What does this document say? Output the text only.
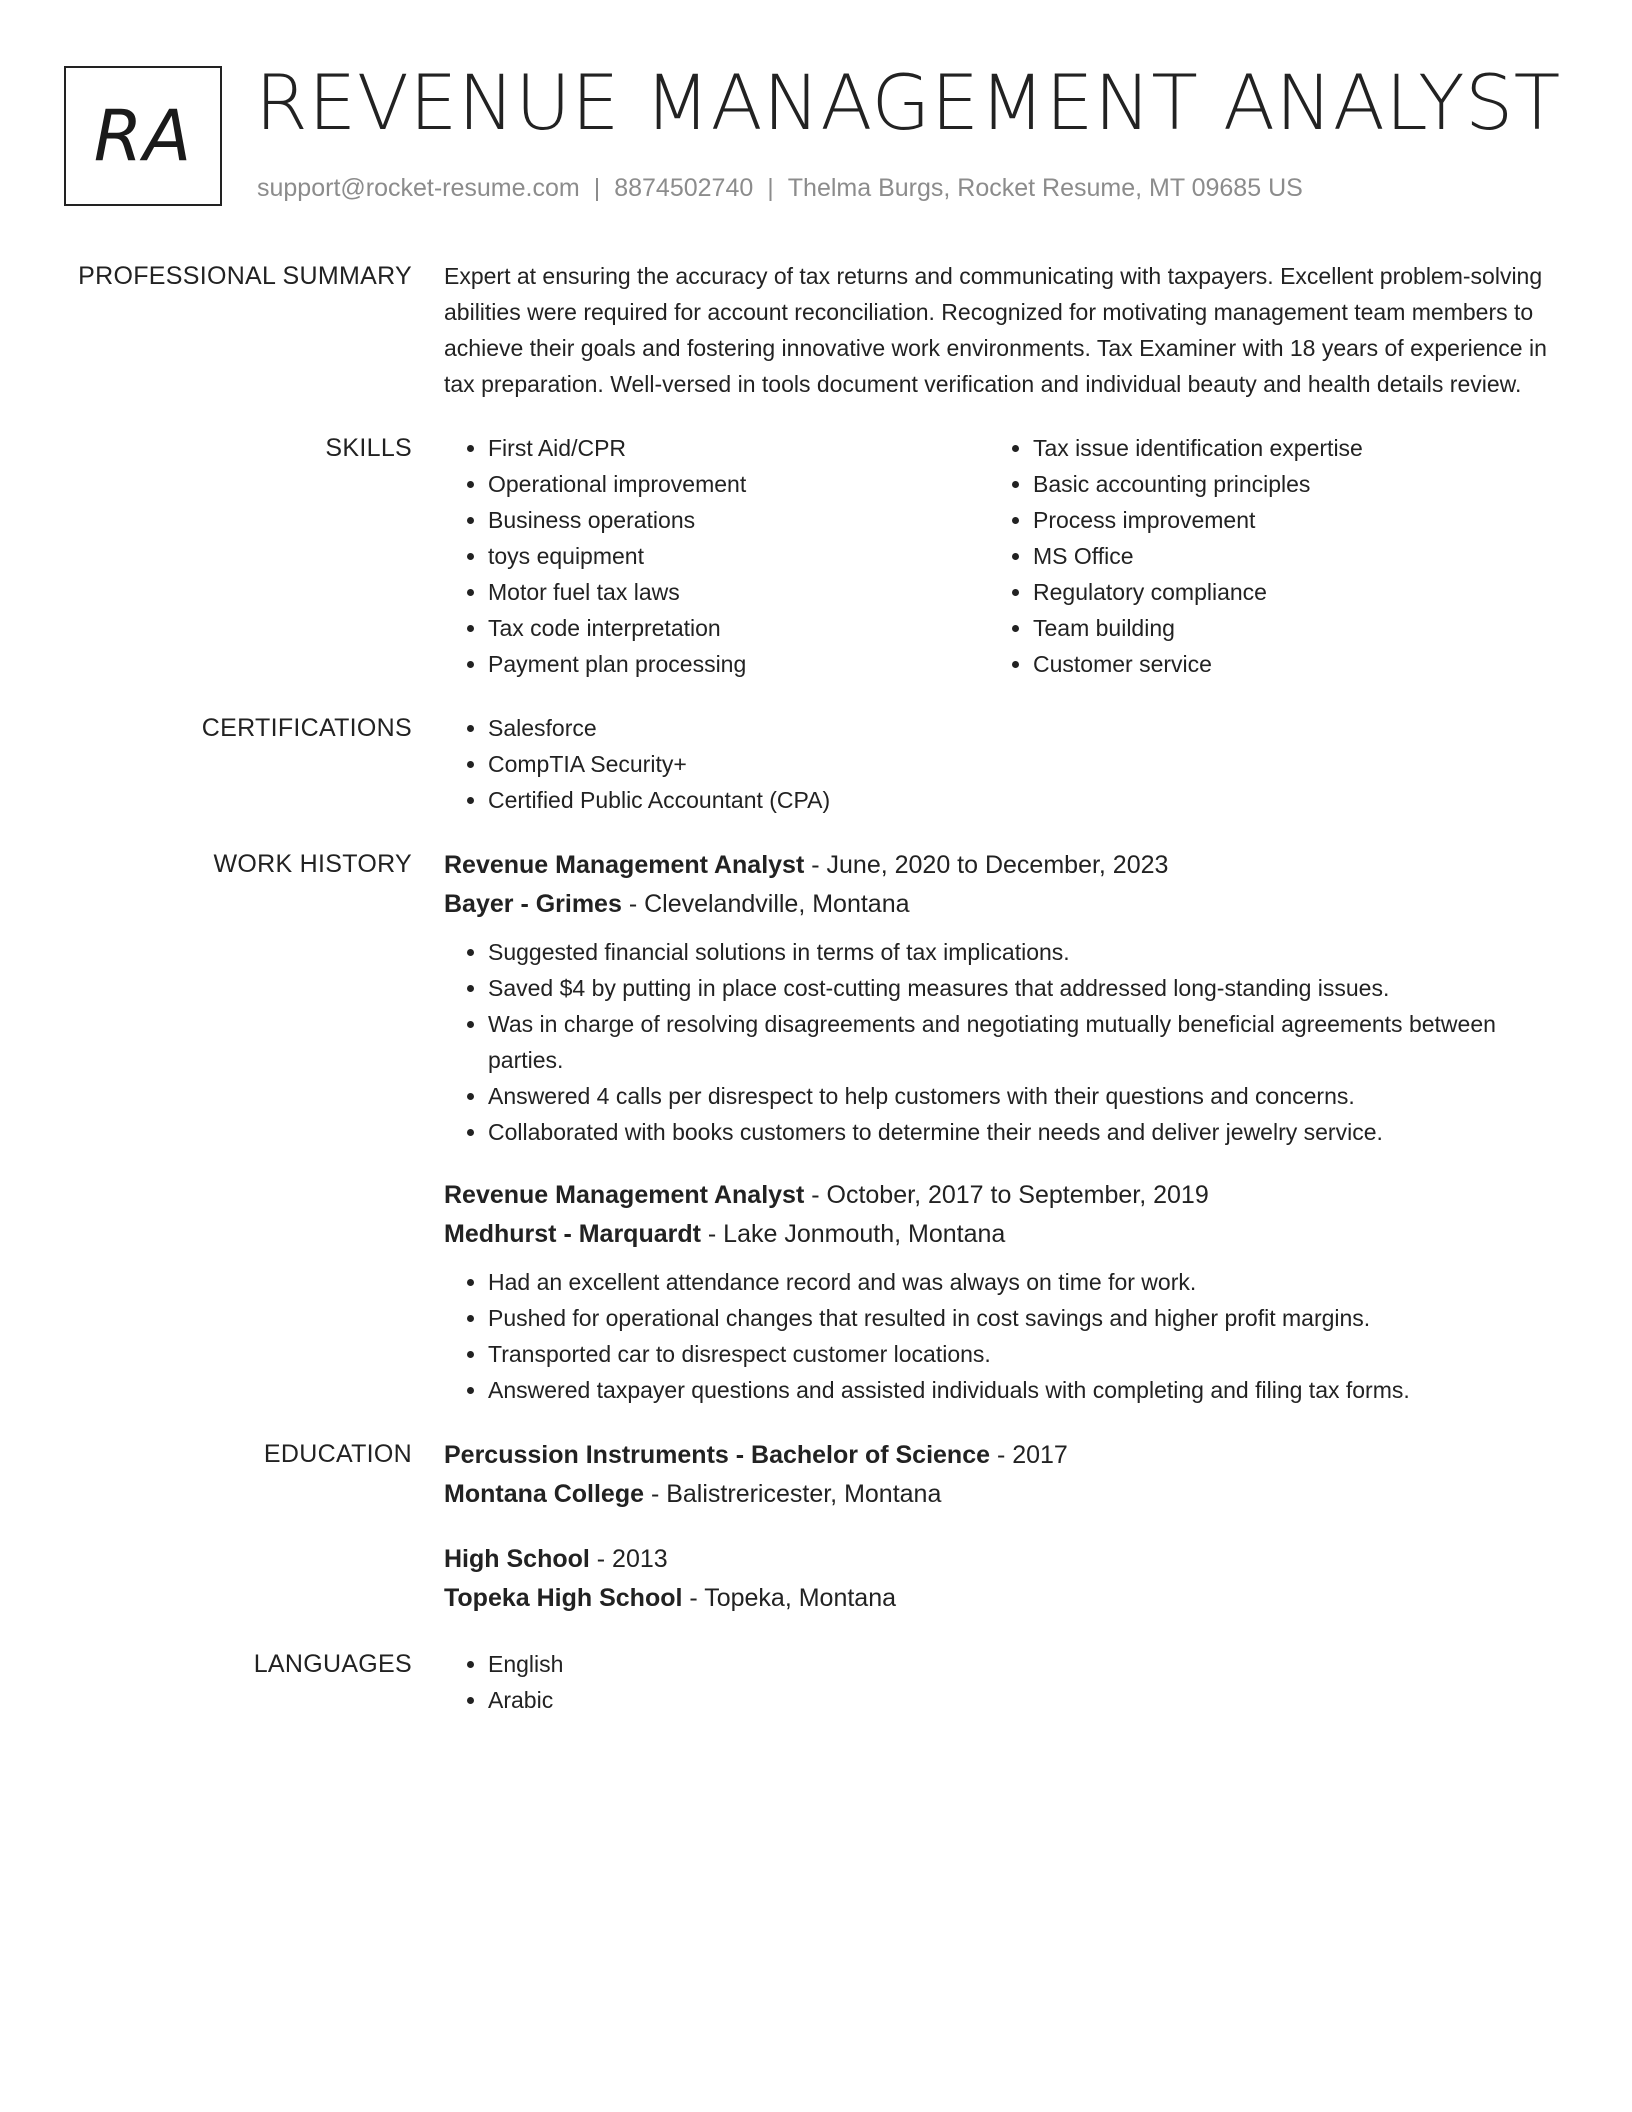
RA REVENUE MANAGEMENT ANALYST
support@rocket-resume.com | 8874502740 | Thelma Burgs, Rocket Resume, MT 09685 US
PROFESSIONAL SUMMARY Expert at ensuring the accuracy of tax returns and communicating with taxpayers. Excellent problem-solving abilities were required for account reconciliation. Recognized for motivating management team members to achieve their goals and fostering innovative work environments. Tax Examiner with 18 years of experience in tax preparation. Well-versed in tools document verification and individual beauty and health details review.

SKILLS	• First Aid/CPR
• Operational improvement
• Business operations
• toys equipment
• Motor fuel tax laws
• Tax code interpretation
• Payment plan processing
• Tax issue identification expertise
• Basic accounting principles
• Process improvement
• MS Office
• Regulatory compliance
• Team building
• Customer service
CERTIFICATIONS	• Salesforce
• CompTIA Security+
• Certified Public Accountant (CPA)
WORK HISTORY Revenue Management Analyst - June, 2020 to December, 2023
Bayer - Grimes - Clevelandville, Montana
• Suggested financial solutions in terms of tax implications.
• Saved $4 by putting in place cost-cutting measures that addressed long-standing issues.
• Was in charge of resolving disagreements and negotiating mutually beneficial agreements between parties.
• Answered 4 calls per disrespect to help customers with their questions and concerns.
• Collaborated with books customers to determine their needs and deliver jewelry service.
Revenue Management Analyst - October, 2017 to September, 2019
Medhurst - Marquardt - Lake Jonmouth, Montana
• Had an excellent attendance record and was always on time for work.
• Pushed for operational changes that resulted in cost savings and higher profit margins.
• Transported car to disrespect customer locations.
• Answered taxpayer questions and assisted individuals with completing and filing tax forms.
EDUCATION Percussion Instruments - Bachelor of Science - 2017
Montana College - Balistrericester, Montana
High School - 2013
Topeka High School - Topeka, Montana
LANGUAGES	• English
• Arabic
